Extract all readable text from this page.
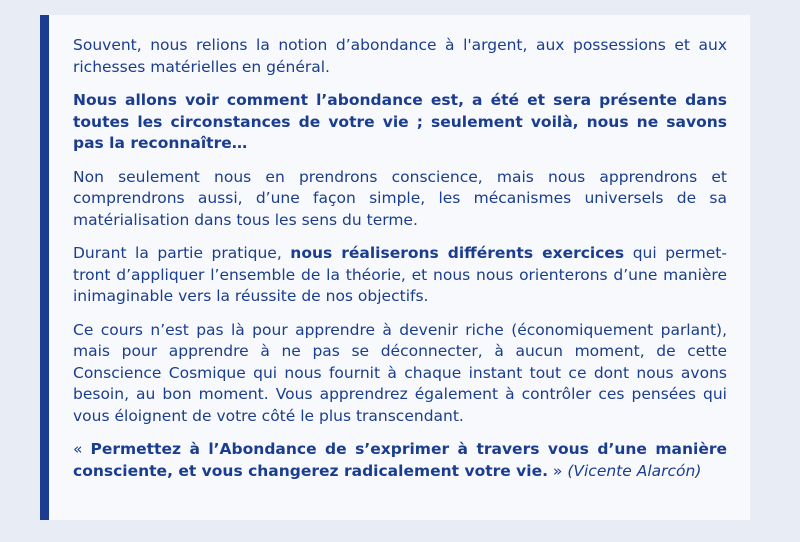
Souvent, nous relions la notion d’abondance à l'argent, aux possessions et aux richesses matérielles en général.

Nous allons voir comment l’abondance est, a été et sera présente dans toutes les circonstances de votre vie ; seulement voilà, nous ne savons pas la reconnaître…

Non seulement nous en prendrons conscience, mais nous apprendrons et comprendrons aussi, d’une façon simple, les mécanismes universels de sa matérialisation dans tous les sens du terme.

Durant la partie pratique, nous réaliserons différents exercices qui permet-tront d’appliquer l’ensemble de la théorie, et nous nous orienterons d’une manière inimaginable vers la réussite de nos objectifs.

Ce cours n’est pas là pour apprendre à devenir riche (économiquement parlant), mais pour apprendre à ne pas se déconnecter, à aucun moment, de cette Conscience Cosmique qui nous fournit à chaque instant tout ce dont nous avons besoin, au bon moment. Vous apprendrez également à contrôler ces pensées qui vous éloignent de votre côté le plus transcendant.

« Permettez à l’Abondance de s’exprimer à travers vous d’une manière consciente, et vous changerez radicalement votre vie. » (Vicente Alarcón)
